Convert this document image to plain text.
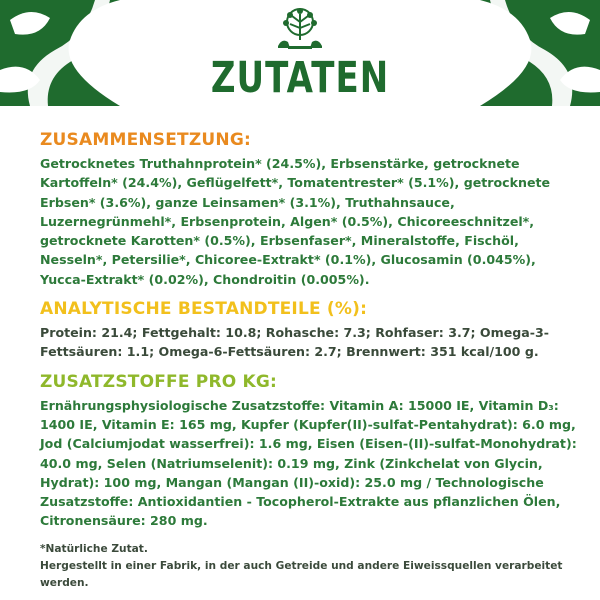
ZUTATEN
ZUSAMMENSETZUNG:

Getrocknetes Truthahnprotein* (24.5%), Erbsenstärke, getrocknete Kartoffeln* (24.4%), Geflügelfett*, Tomatentrester* (5.1%), getrocknete Erbsen* (3.6%), ganze Leinsamen* (3.1%), Truthahnsauce, Luzernegrünmehl*, Erbsenprotein, Algen* (0.5%), Chicoreeschnitzel*, getrocknete Karotten* (0.5%), Erbsenfaser*, Mineralstoffe, Fischöl, Nesseln*, Petersilie*, Chicoree-Extrakt* (0.1%), Glucosamin (0.045%), Yucca-Extrakt* (0.02%), Chondroitin (0.005%).

ANALYTISCHE BESTANDTEILE (%):

Protein: 21.4; Fettgehalt: 10.8; Rohasche: 7.3; Rohfaser: 3.7; Omega-3-Fettsäuren: 1.1; Omega-6-Fettsäuren: 2.7; Brennwert: 351 kcal/100 g.

ZUSATZSTOFFE PRO KG:

Ernährungsphysiologische Zusatzstoffe: Vitamin A: 15000 IE, Vitamin D₃: 1400 IE, Vitamin E: 165 mg, Kupfer (Kupfer(II)-sulfat-Pentahydrat): 6.0 mg, Jod (Calciumjodat wasserfrei): 1.6 mg, Eisen (Eisen-(II)-sulfat-Monohydrat): 40.0 mg, Selen (Natriumselenit): 0.19 mg, Zink (Zinkchelat von Glycin, Hydrat): 100 mg, Mangan (Mangan (II)-oxid): 25.0 mg / Technologische Zusatzstoffe: Antioxidantien - Tocopherol-Extrakte aus pflanzlichen Ölen, Citronensäure: 280 mg.

*Natürliche Zutat.

Hergestellt in einer Fabrik, in der auch Getreide und andere Eiweissquellen verarbeitet werden.
